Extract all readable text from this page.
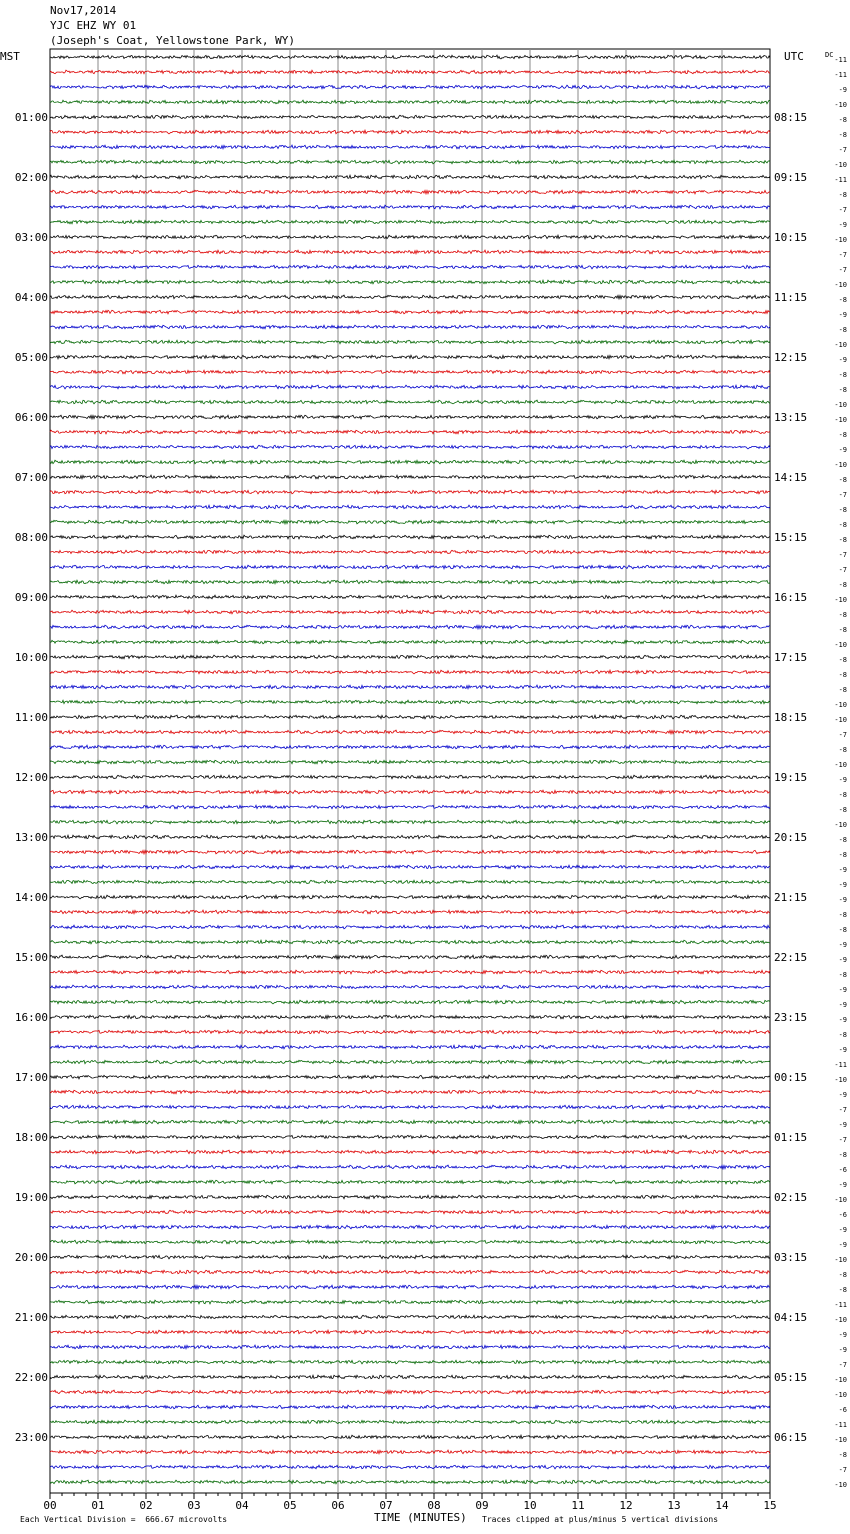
Nov17,2014
YJC EHZ WY 01
(Joseph's Coat, Yellowstone Park, WY)
MST	UTC	-11
-11
-9
-10
-8
-8
-7
-10
-11
-8
-7
-9
-10
-7
-7
-10
-8
-9
-8
-10
-9
-8
-8
-10
-10
-8
-9
-10
-8
-7
-8
-8
-8
-7
-7
-8
-10
-8
-8
-10
-8
-8
-8
-10
-10
-7
-8
-10
-9
-8
-8
-10
-8
-8
-9
-9
-9
-8
-8
-9
-9
-8
-9
-9
-9
-8
-9
-11
-10
-9
-7
-9
-7
-8
-6
-9
-10
-6
-9
-9
-10
-8
-8
-11
-10
-9
-9
-7
-10
-10
-6
-11
-10
-8
-7
-10
DC
01:00	08:15
02:00	09:15
03:00	10:15
04:00	11:15
05:00	12:15
06:00	13:15
07:00	14:15
08:00	15:15
09:00	16:15
10:00	17:15
11:00	18:15
12:00	19:15
13:00	20:15
14:00	21:15
15:00	22:15
16:00	23:15
17:00	00:15
18:00	01:15
19:00	02:15
20:00	03:15
21:00	04:15
22:00	05:15
23:00	06:15
00	01	02	03	04	05	06	07	08	09	10	11	12	13	14	15
Each Vertical Division =  666.67 microvolts	TIME (MINUTES) Traces clipped at plus/minus 5 vertical divisions
